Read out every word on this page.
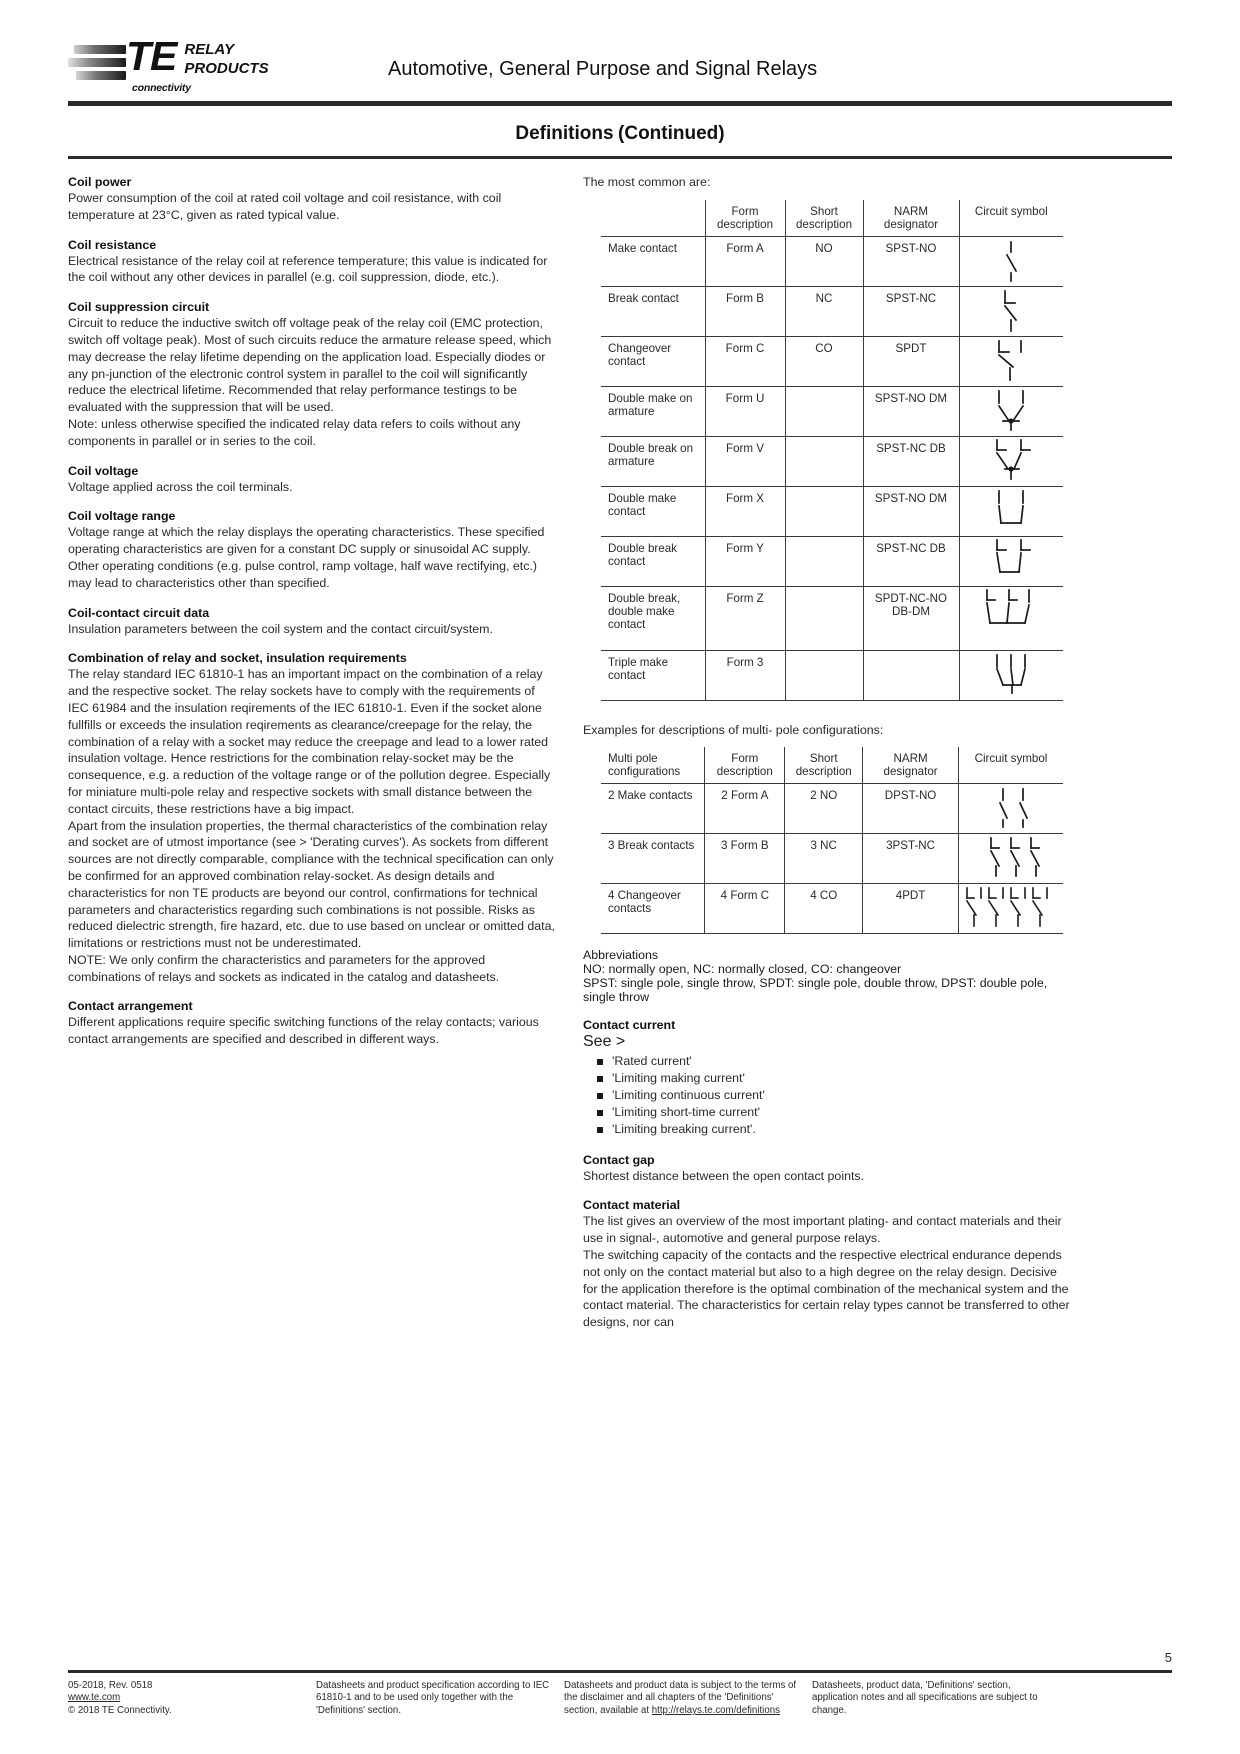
TE RELAY
PRODUCTS
connectivity
Automotive, General Purpose and Signal Relays
Definitions (Continued)
Coil power

Power consumption of the coil at rated coil voltage and coil resistance, with coil temperature at 23°C, given as rated typical value.

Coil resistance

Electrical resistance of the relay coil at reference temperature; this value is indicated for the coil without any other devices in parallel (e.g. coil suppression, diode, etc.).

Coil suppression circuit

Circuit to reduce the inductive switch off voltage peak of the relay coil (EMC protection, switch off voltage peak). Most of such circuits reduce the armature release speed, which may decrease the relay lifetime depending on the application load. Especially diodes or any pn-junction of the electronic control system in parallel to the coil will significantly reduce the electrical lifetime. Recommended that relay performance testings to be evaluated with the suppression that will be used.

Note: unless otherwise specified the indicated relay data refers to coils without any components in parallel or in series to the coil.

Coil voltage

Voltage applied across the coil terminals.

Coil voltage range

Voltage range at which the relay displays the operating characteristics. These specified operating characteristics are given for a constant DC supply or sinusoidal AC supply. Other operating conditions (e.g. pulse control, ramp voltage, half wave rectifying, etc.) may lead to characteristics other than specified.

Coil-contact circuit data

Insulation parameters between the coil system and the contact circuit/system.

Combination of relay and socket, insulation requirements

The relay standard IEC 61810-1 has an important impact on the combination of a relay and the respective socket. The relay sockets have to comply with the requirements of IEC 61984 and the insulation reqirements of the IEC 61810-1. Even if the socket alone fullfills or exceeds the insulation reqirements as clearance/creepage for the relay, the combination of a relay with a socket may reduce the creepage and lead to a lower rated insulation voltage. Hence restrictions for the combination relay-socket may be the consequence, e.g. a reduction of the voltage range or of the pollution degree. Especially for miniature multi-pole relay and respective sockets with small distance between the contact circuits, these restrictions have a big impact.

Apart from the insulation properties, the thermal characteristics of the combination relay and socket are of utmost importance (see > 'Derating curves'). As sockets from different sources are not directly comparable, compliance with the technical specification can only be confirmed for an approved combination relay-socket. As design details and characteristics for non TE products are beyond our control, confirmations for technical parameters and characteristics regarding such combinations is not possible. Risks as reduced dielectric strength, fire hazard, etc. due to use based on unclear or omitted data, limitations or restrictions must not be underestimated.

NOTE: We only confirm the characteristics and parameters for the approved combinations of relays and sockets as indicated in the catalog and datasheets.

Contact arrangement

Different applications require specific switching functions of the relay contacts; various contact arrangements are specified and described in different ways.

The most common are:
	Form description	Short description	NARM designator	Circuit symbol
Make contact	Form A	NO	SPST-NO	

Break contact	Form B	NC	SPST-NC	

Changeover contact	Form C	CO	SPDT	

Double make on armature	Form U		SPST-NO DM	

Double break on armature	Form V		SPST-NC DB	

Double make contact	Form X		SPST-NO DM	

Double break contact	Form Y		SPST-NC DB	

Double break, double make contact	Form Z		SPDT-NC-NO DB-DM	

Triple make contact	Form 3			
Examples for descriptions of multi- pole configurations:
Multi pole configurations	Form description	Short description	NARM designator	Circuit symbol
2 Make contacts	2 Form A	2 NO	DPST-NO	

3 Break contacts	3 Form B	3 NC	3PST-NC	

4 Changeover contacts	4 Form C	4 CO	4PDT	
Abbreviations
NO: normally open, NC: normally closed, CO: changeover
SPST: single pole, single throw, SPDT: single pole, double throw, DPST: double pole, single throw
Contact current
See >
'Rated current'
'Limiting making current'
'Limiting continuous current'
'Limiting short-time current'
'Limiting breaking current'.
Contact gap

Shortest distance between the open contact points.

Contact material

The list gives an overview of the most important plating- and contact materials and their use in signal-, automotive and general purpose relays.

The switching capacity of the contacts and the respective electrical endurance depends not only on the contact material but also to a high degree on the relay design. Decisive for the application therefore is the optimal combination of the mechanical system and the contact material. The characteristics for certain relay types cannot be transferred to other designs, nor can

5
05-2018, Rev. 0518
www.te.com
© 2018 TE Connectivity.
Datasheets and product specification according to IEC 61810-1 and to be used only together with the 'Definitions' section.
Datasheets and product data is subject to the terms of the disclaimer and all chapters of the 'Definitions' section, available at http://relays.te.com/definitions
Datasheets, product data, 'Definitions' section, application notes and all specifications are subject to change.
